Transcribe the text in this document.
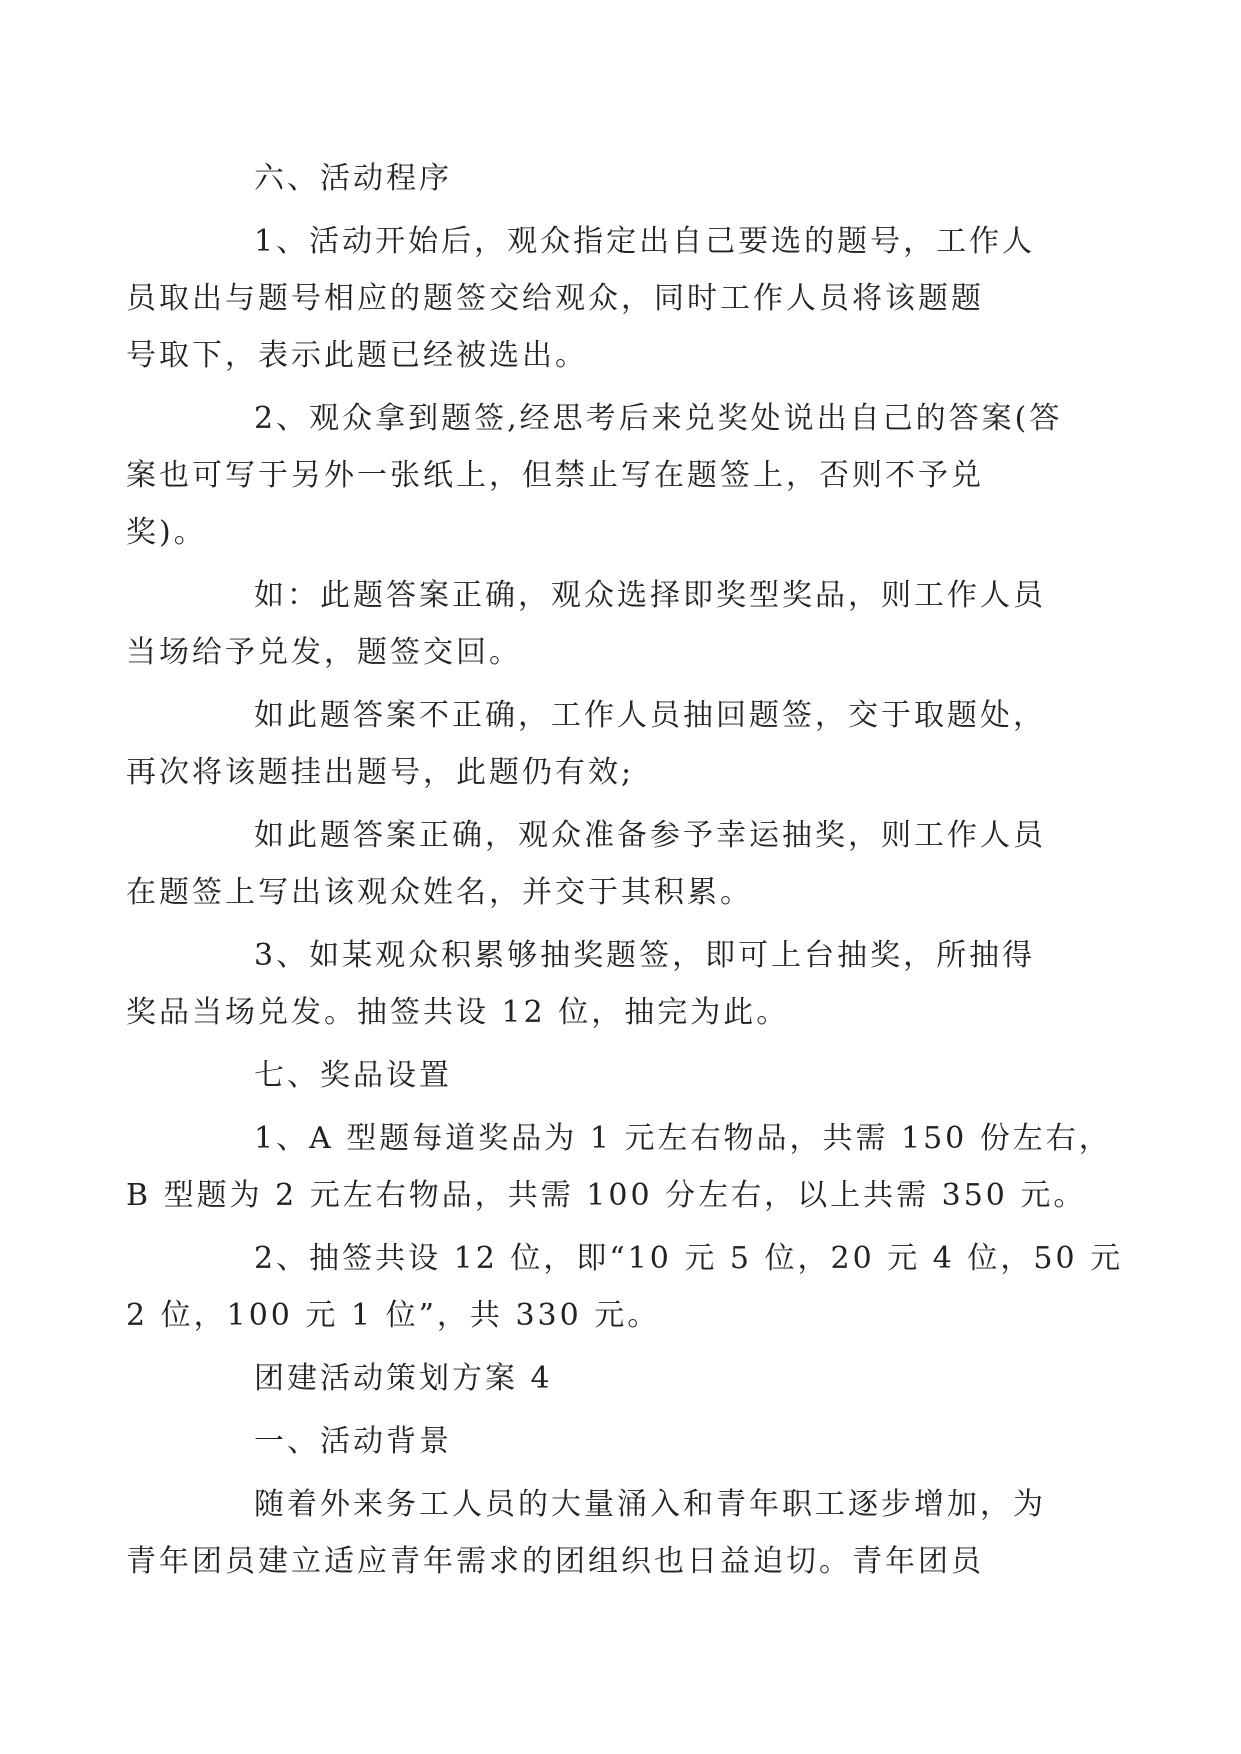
六、活动程序
1、活动开始后，观众指定出自己要选的题号，工作人
员取出与题号相应的题签交给观众，同时工作人员将该题题
号取下，表示此题已经被选出。
2、观众拿到题签,经思考后来兑奖处说出自己的答案(答
案也可写于另外一张纸上，但禁止写在题签上，否则不予兑
奖)。
如：此题答案正确，观众选择即奖型奖品，则工作人员
当场给予兑发，题签交回。
如此题答案不正确，工作人员抽回题签，交于取题处，
再次将该题挂出题号，此题仍有效;
如此题答案正确，观众准备参予幸运抽奖，则工作人员
在题签上写出该观众姓名，并交于其积累。
3、如某观众积累够抽奖题签，即可上台抽奖，所抽得
奖品当场兑发。抽签共设 12 位，抽完为此。
七、奖品设置
1、A 型题每道奖品为 1 元左右物品，共需 150 份左右，
B 型题为 2 元左右物品，共需 100 分左右，以上共需 350 元。
2、抽签共设 12 位，即“10 元 5 位，20 元 4 位，50 元
2 位，100 元 1 位”，共 330 元。
团建活动策划方案 4
一、活动背景
随着外来务工人员的大量涌入和青年职工逐步增加，为
青年团员建立适应青年需求的团组织也日益迫切。青年团员
